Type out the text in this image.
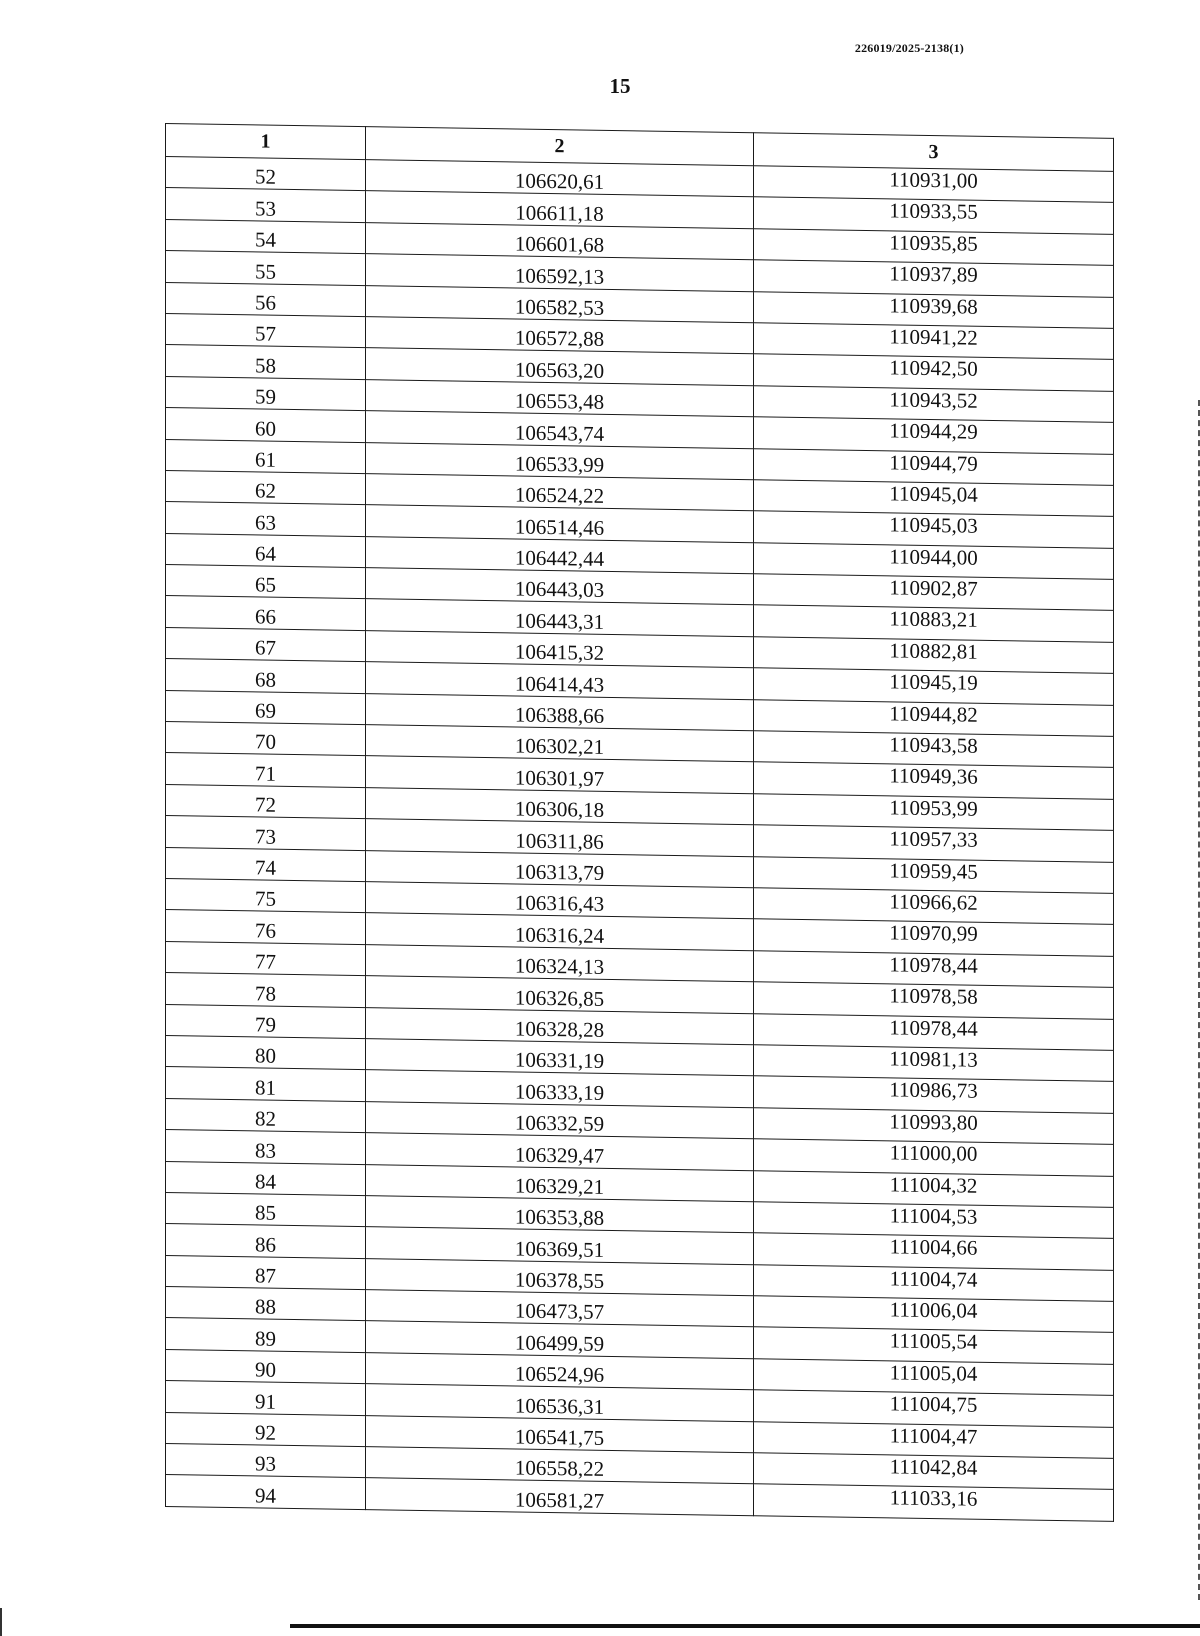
226019/2025-2138(1)
15
1	2	3
52	106620,61	110931,00
53	106611,18	110933,55
54	106601,68	110935,85
55	106592,13	110937,89
56	106582,53	110939,68
57	106572,88	110941,22
58	106563,20	110942,50
59	106553,48	110943,52
60	106543,74	110944,29
61	106533,99	110944,79
62	106524,22	110945,04
63	106514,46	110945,03
64	106442,44	110944,00
65	106443,03	110902,87
66	106443,31	110883,21
67	106415,32	110882,81
68	106414,43	110945,19
69	106388,66	110944,82
70	106302,21	110943,58
71	106301,97	110949,36
72	106306,18	110953,99
73	106311,86	110957,33
74	106313,79	110959,45
75	106316,43	110966,62
76	106316,24	110970,99
77	106324,13	110978,44
78	106326,85	110978,58
79	106328,28	110978,44
80	106331,19	110981,13
81	106333,19	110986,73
82	106332,59	110993,80
83	106329,47	111000,00
84	106329,21	111004,32
85	106353,88	111004,53
86	106369,51	111004,66
87	106378,55	111004,74
88	106473,57	111006,04
89	106499,59	111005,54
90	106524,96	111005,04
91	106536,31	111004,75
92	106541,75	111004,47
93	106558,22	111042,84
94	106581,27	111033,16
